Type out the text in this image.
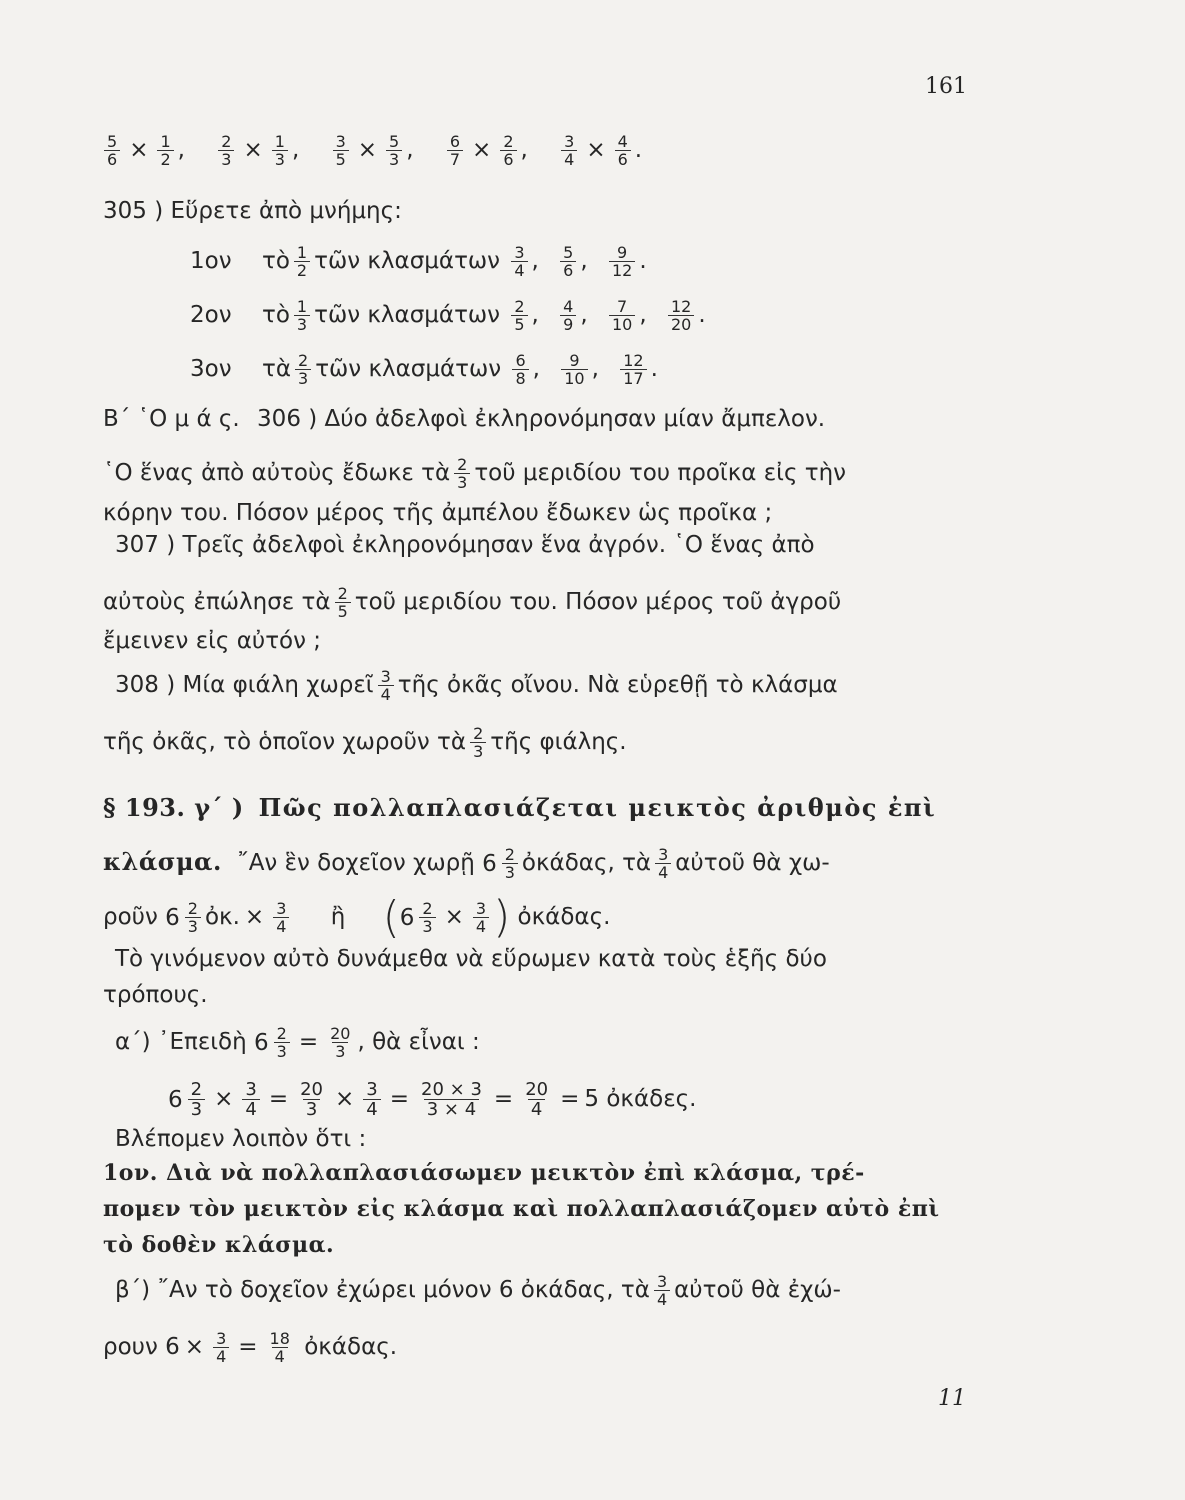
161
$\frac{5}{6} \times \frac{1}{2}$ , $\frac{2}{3} \times \frac{1}{3}$ , $\frac{3}{5} \times \frac{5}{3}$ , $\frac{6}{7} \times \frac{2}{6}$ , $\frac{3}{4} \times \frac{4}{6}$ .
305 ) Εὕρετε ἀπὸ μνήμης:
1ον τὸ $\frac{1}{2}$ τῶν κλασμάτων $\frac{3}{4}$ , $\frac{5}{6}$ , $\frac{9}{12}$ .
2ον τὸ $\frac{1}{3}$ τῶν κλασμάτων $\frac{2}{5}$ , $\frac{4}{9}$ , $\frac{7}{10}$ , $\frac{12}{20}$ .
3ον τὰ $\frac{2}{3}$ τῶν κλασμάτων $\frac{6}{8}$ , $\frac{9}{10}$ , $\frac{12}{17}$ .
Β΄ ῾Ο μ ά ς. 306 ) Δύο ἀδελφοὶ ἐκληρονόμησαν μίαν ἄμπελον.
῾Ο ἕνας ἀπὸ αὐτοὺς ἔδωκε τὰ $\frac{2}{3}$ τοῦ μεριδίου του προῖκα εἰς τὴν
κόρην του. Πόσον μέρος τῆς ἀμπέλου ἔδωκεν ὡς προῖκα ;
307 ) Τρεῖς ἀδελφοὶ ἐκληρονόμησαν ἕνα ἀγρόν. ῾Ο ἕνας ἀπὸ
αὐτοὺς ἐπώλησε τὰ $\frac{2}{5}$ τοῦ μεριδίου του. Πόσον μέρος τοῦ ἀγροῦ
ἔμεινεν εἰς αὐτόν ;
308 ) Μία φιάλη χωρεῖ $\frac{3}{4}$ τῆς ὀκᾶς οἴνου. Νὰ εὑρεθῇ τὸ κλάσμα
τῆς ὀκᾶς, τὸ ὁποῖον χωροῦν τὰ $\frac{2}{3}$ τῆς φιάλης.
§ 193. γ΄ ) Πῶς πολλαπλασιάζεται μεικτὸς ἀριθμὸς ἐπὶ
κλάσμα. ῎Αν ἓν δοχεῖον χωρῇ 6 2
3 ὀκάδας, τὰ $\frac{3}{4}$ αὐτοῦ θὰ χω-
ροῦν 6 2
3 ὀκ. × $\frac{3}{4}$ ἢ ( 6 2
$3 \times \frac{3}{4}$ ) ὀκάδας.
Τὸ γινόμενον αὐτὸ δυνάμεθα νὰ εὕρωμεν κατὰ τοὺς ἑξῆς δύο
τρόπους.
α΄) ᾿Επειδὴ 6 2
$3 = \frac{20}{3}$ , θὰ εἶναι :
6 2
$3 \times \frac{3}{4} = \frac{20}{3} \times \frac{3}{4} = \frac{20 \times 3}{3 \times 4} = \frac{20}{4} = 5$ ὀκάδες.
Βλέπομεν λοιπὸν ὅτι :
1ον. Διὰ νὰ πολλαπλασιάσωμεν μεικτὸν ἐπὶ κλάσμα, τρέ-
πομεν τὸν μεικτὸν εἰς κλάσμα καὶ πολλαπλασιάζομεν αὐτὸ ἐπὶ
τὸ δοθὲν κλάσμα.
β΄) ῎Αν τὸ δοχεῖον ἐχώρει μόνον 6 ὀκάδας, τὰ $\frac{3}{4}$ αὐτοῦ θὰ ἐχώ-
ρουν $6 \times \frac{3}{4} = \frac{18}{4}$ ὀκάδας.
11
